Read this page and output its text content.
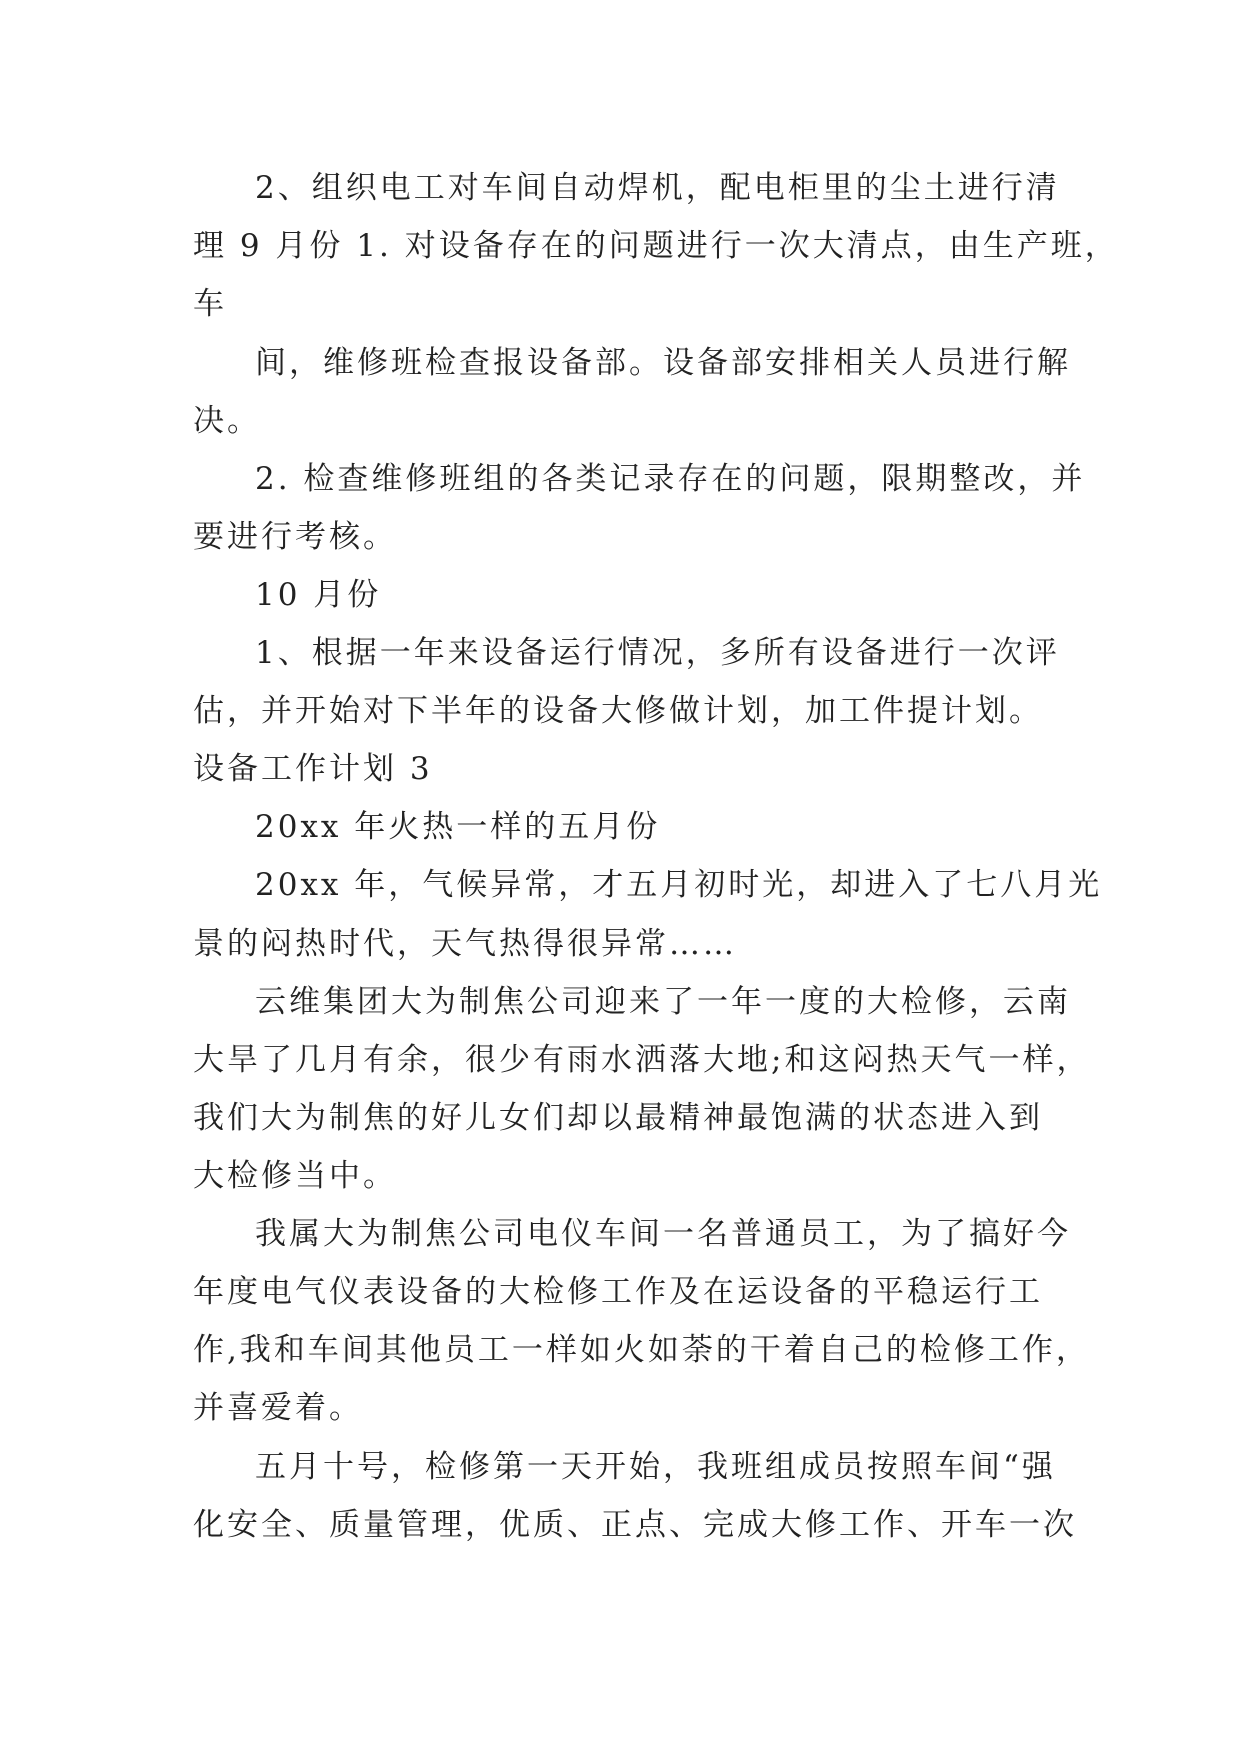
2、组织电工对车间自动焊机，配电柜里的尘土进行清
理 9 月份 1. 对设备存在的问题进行一次大清点，由生产班，
车
间，维修班检查报设备部。设备部安排相关人员进行解
决。
2. 检查维修班组的各类记录存在的问题，限期整改，并
要进行考核。
10 月份
1、根据一年来设备运行情况，多所有设备进行一次评
估，并开始对下半年的设备大修做计划，加工件提计划。
设备工作计划 3
20xx 年火热一样的五月份
20xx 年，气候异常，才五月初时光，却进入了七八月光
景的闷热时代，天气热得很异常……
云维集团大为制焦公司迎来了一年一度的大检修，云南
大旱了几月有余，很少有雨水洒落大地;和这闷热天气一样，
我们大为制焦的好儿女们却以最精神最饱满的状态进入到
大检修当中。
我属大为制焦公司电仪车间一名普通员工，为了搞好今
年度电气仪表设备的大检修工作及在运设备的平稳运行工
作,我和车间其他员工一样如火如荼的干着自己的检修工作，
并喜爱着。
五月十号，检修第一天开始，我班组成员按照车间“强
化安全、质量管理，优质、正点、完成大修工作、开车一次
